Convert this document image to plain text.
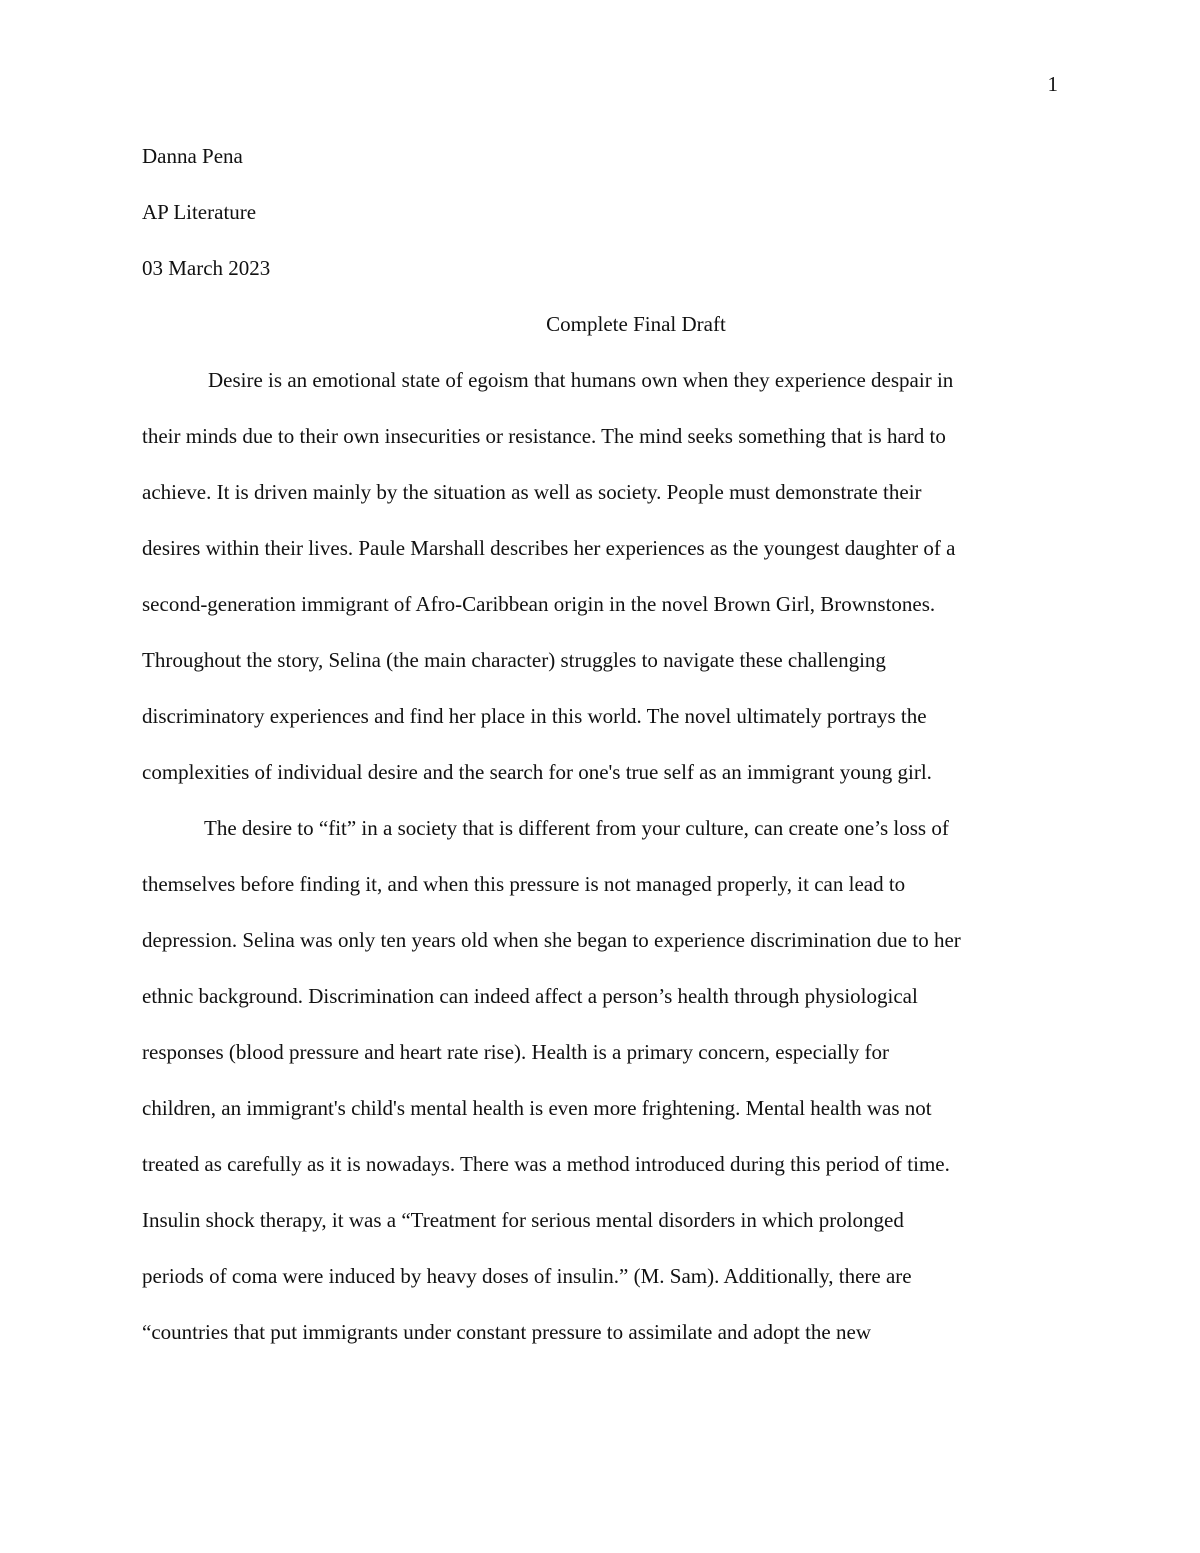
1
Danna Pena
AP Literature
03 March 2023
Complete Final Draft
Desire is an emotional state of egoism that humans own when they experience despair in
their minds due to their own insecurities or resistance. The mind seeks something that is hard to
achieve. It is driven mainly by the situation as well as society. People must demonstrate their
desires within their lives. Paule Marshall describes her experiences as the youngest daughter of a
second-generation immigrant of Afro-Caribbean origin in the novel Brown Girl, Brownstones.
Throughout the story, Selina (the main character) struggles to navigate these challenging
discriminatory experiences and find her place in this world. The novel ultimately portrays the
complexities of individual desire and the search for one's true self as an immigrant young girl.
The desire to “fit” in a society that is different from your culture, can create one’s loss of
themselves before finding it, and when this pressure is not managed properly, it can lead to
depression. Selina was only ten years old when she began to experience discrimination due to her
ethnic background. Discrimination can indeed affect a person’s health through physiological
responses (blood pressure and heart rate rise). Health is a primary concern, especially for
children, an immigrant's child's mental health is even more frightening. Mental health was not
treated as carefully as it is nowadays. There was a method introduced during this period of time.
Insulin shock therapy, it was a “Treatment for serious mental disorders in which prolonged
periods of coma were induced by heavy doses of insulin.” (M. Sam). Additionally, there are
“countries that put immigrants under constant pressure to assimilate and adopt the new
